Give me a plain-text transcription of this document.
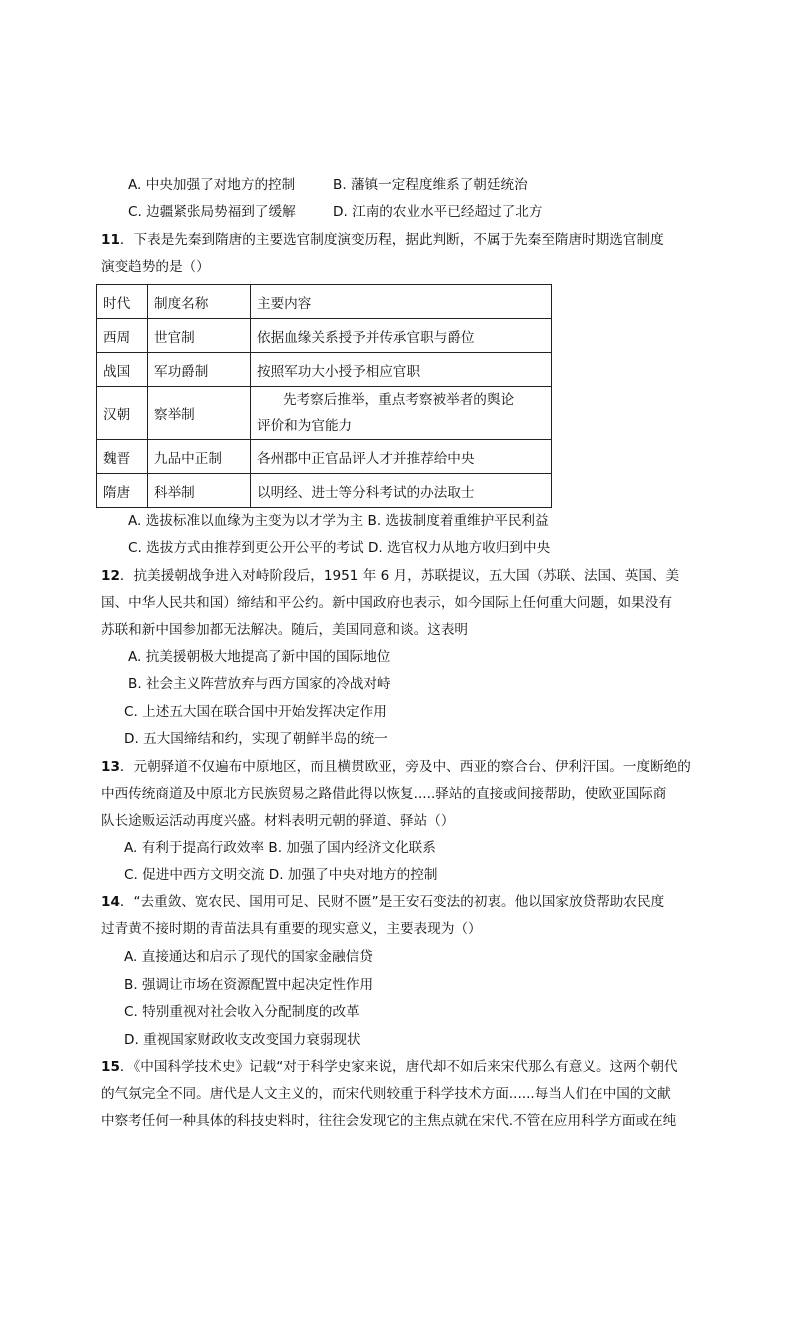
A. 中央加强了对地方的控制	B. 藩镇一定程度维系了朝廷统治
C. 边疆紧张局势福到了缓解	D. 江南的农业水平已经超过了北方
11．下表是先秦到隋唐的主要选官制度演变历程，据此判断，不属于先秦至隋唐时期选官制度
演变趋势的是（）
时代	制度名称	主要内容
西周	世官制	依据血缘关系授予并传承官职与爵位
战国	军功爵制	按照军功大小授予相应官职
汉朝	察举制	先考察后推举，重点考察被举者的舆论
评价和为官能力

魏晋	九品中正制	各州郡中正官品评人才并推荐给中央
隋唐	科举制	以明经、进士等分科考试的办法取士
A. 选拔标准以血缘为主变为以才学为主 B. 选拔制度着重维护平民利益
C. 选拔方式由推荐到更公开公平的考试 D. 选官权力从地方收归到中央
12．抗美援朝战争进入对峙阶段后，1951 年 6 月，苏联提议，五大国（苏联、法国、英国、美
国、中华人民共和国）缔结和平公约。新中国政府也表示，如今国际上任何重大问题，如果没有
苏联和新中国参加都无法解决。随后，美国同意和谈。这表明
A. 抗美援朝极大地提高了新中国的国际地位
B. 社会主义阵营放弃与西方国家的冷战对峙
C. 上述五大国在联合国中开始发挥决定作用
D. 五大国缔结和约，实现了朝鲜半岛的统一
13．元朝驿道不仅遍布中原地区，而且横贯欧亚，旁及中、西亚的察合台、伊利汗国。一度断绝的
中西传统商道及中原北方民族贸易之路借此得以恢复.....驿站的直接或间接帮助，使欧亚国际商
队长途贩运活动再度兴盛。材料表明元朝的驿道、驿站（）
A. 有利于提高行政效率 B. 加强了国内经济文化联系
C. 促进中西方文明交流 D. 加强了中央对地方的控制
14．“去重敛、宽农民、国用可足、民财不匮”是王安石变法的初衷。他以国家放贷帮助农民度
过青黄不接时期的青苗法具有重要的现实意义，主要表现为（）
A. 直接通达和启示了现代的国家金融信贷
B. 强调让市场在资源配置中起决定性作用
C. 特别重视对社会收入分配制度的改革
D. 重视国家财政收支改变国力衰弱现状
15．《中国科学技术史》记载“对于科学史家来说，唐代却不如后来宋代那么有意义。这两个朝代
的气氛完全不同。唐代是人文主义的，而宋代则较重于科学技术方面......每当人们在中国的文献
中察考任何一种具体的科技史料时，往往会发现它的主焦点就在宋代.不管在应用科学方面或在纯
